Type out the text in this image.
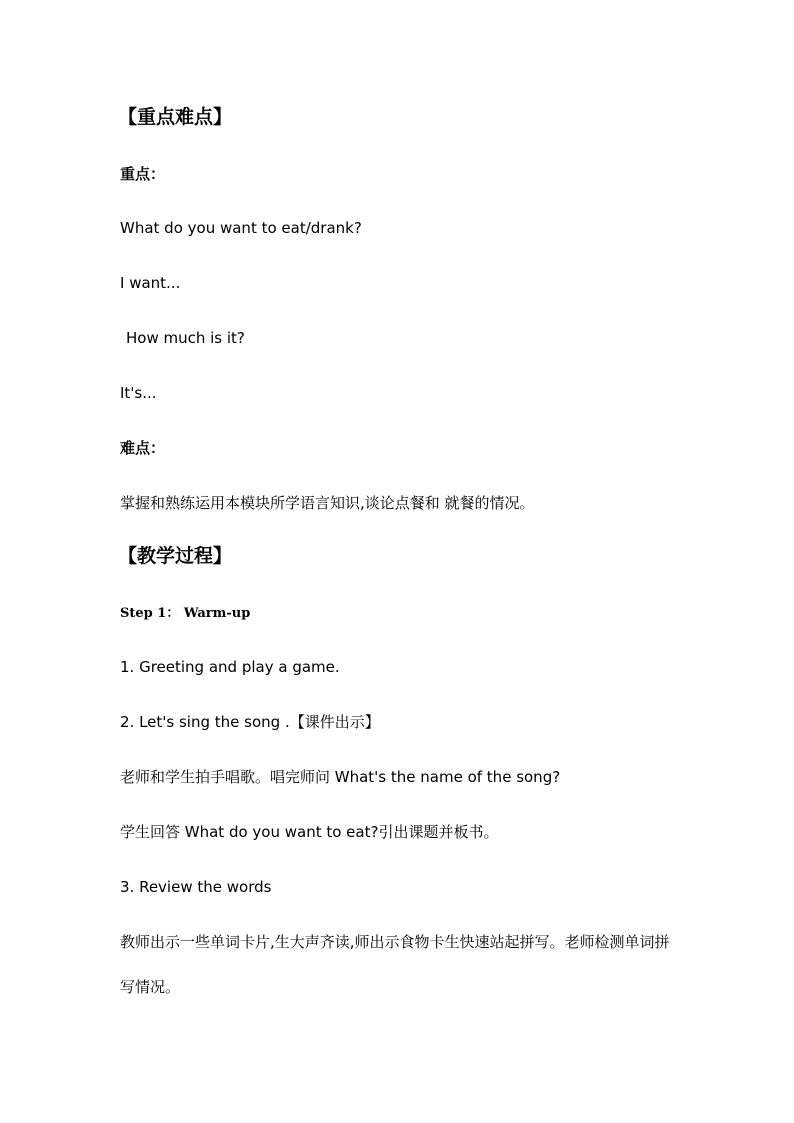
【重点难点】
重点：
What do you want to eat/drank?
I want...
How much is it?
It's...
难点：
掌握和熟练运用本模块所学语言知识,谈论点餐和 就餐的情况。
【教学过程】
Step 1： Warm-up
1. Greeting and play a game.
2. Let's sing the song .【课件出示】
老师和学生拍手唱歌。唱完师问 What's the name of the song?
学生回答 What do you want to eat?引出课题并板书。
3. Review the words
教师出示一些单词卡片,生大声齐读,师出示食物卡生快速站起拼写。老师检测单词拼写情况。
